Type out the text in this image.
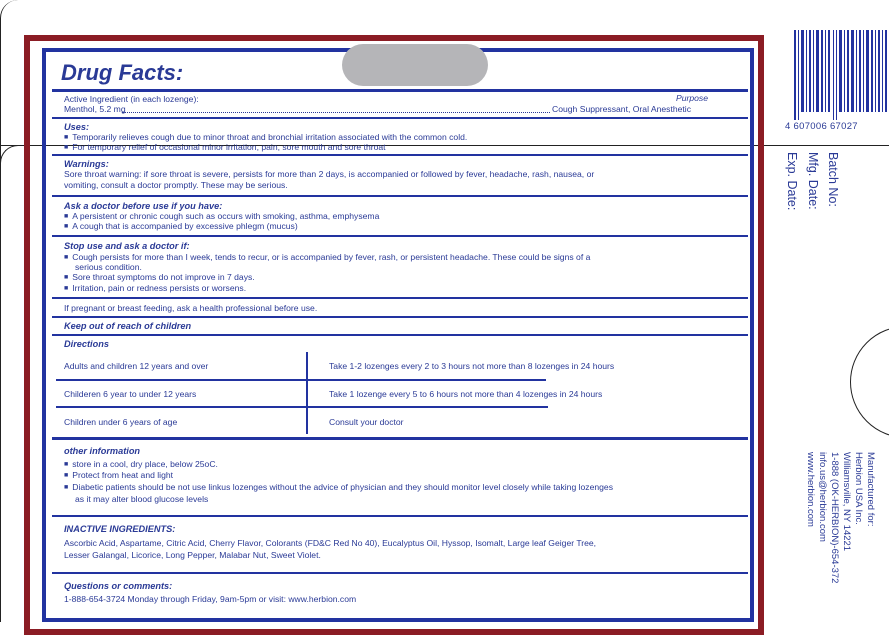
Drug Facts:
Active Ingredient (in each lozenge):	Purpose
Menthol, 5.2 mg	Cough Suppressant, Oral Anesthetic
Uses:
■ Temporarily relieves cough due to minor throat and bronchial irritation associated with the common cold.
■ For temporary relief of occasional minor irritation, pain, sore mouth and sore throat
Warnings:
Sore throat warning: if sore throat is severe, persists for more than 2 days, is accompanied or followed by fever, headache, rash, nausea, or
vomiting, consult a doctor promptly. These may be serious.
Ask a doctor before use if you have:
■ A persistent or chronic cough such as occurs with smoking, asthma, emphysema
■ A cough that is accompanied by excessive phlegm (mucus)
Stop use and ask a doctor if:
■ Cough persists for more than I week, tends to recur, or is accompanied by fever, rash, or persistent headache. These could be signs of a
serious condition.
■ Sore throat symptoms do not improve in 7 days.
■ Irritation, pain or redness persists or worsens.
If pregnant or breast feeding, ask a health professional before use.
Keep out of reach of children
Directions
Adults and children 12 years and over	Take 1-2 lozenges every 2 to 3 hours not more than 8 lozenges in 24 hours
Childeren 6 year to under 12 years	Take 1 lozenge every 5 to 6 hours not more than 4 lozenges in 24 hours
Children under 6 years of age	Consult your doctor
other information
■ store in a cool, dry place, below 25oC.
■ Protect from heat and light
■ Diabetic patients should be not use linkus lozenges without the advice of physician and they should monitor level closely while taking lozenges
as it may alter blood glucose levels
INACTIVE INGREDIENTS:
Ascorbic Acid, Aspartame, Citric Acid, Cherry Flavor, Colorants (FD&C Red No 40), Eucalyptus Oil, Hyssop, Isomalt, Large leaf Geiger Tree,
Lesser Galangal, Licorice, Long Pepper, Malabar Nut, Sweet Violet.
Questions or comments:
1-888-654-3724 Monday through Friday, 9am-5pm or visit: www.herbion.com
4 607006 67027
Batch No:
Mfg. Date:
Exp. Date:
Manufactured for:
Herbion USA Inc.
Williamsville, NY 14221
1-888 (OK-HERBION)-654-372
info.us@herbion.com
www.herbion.com
